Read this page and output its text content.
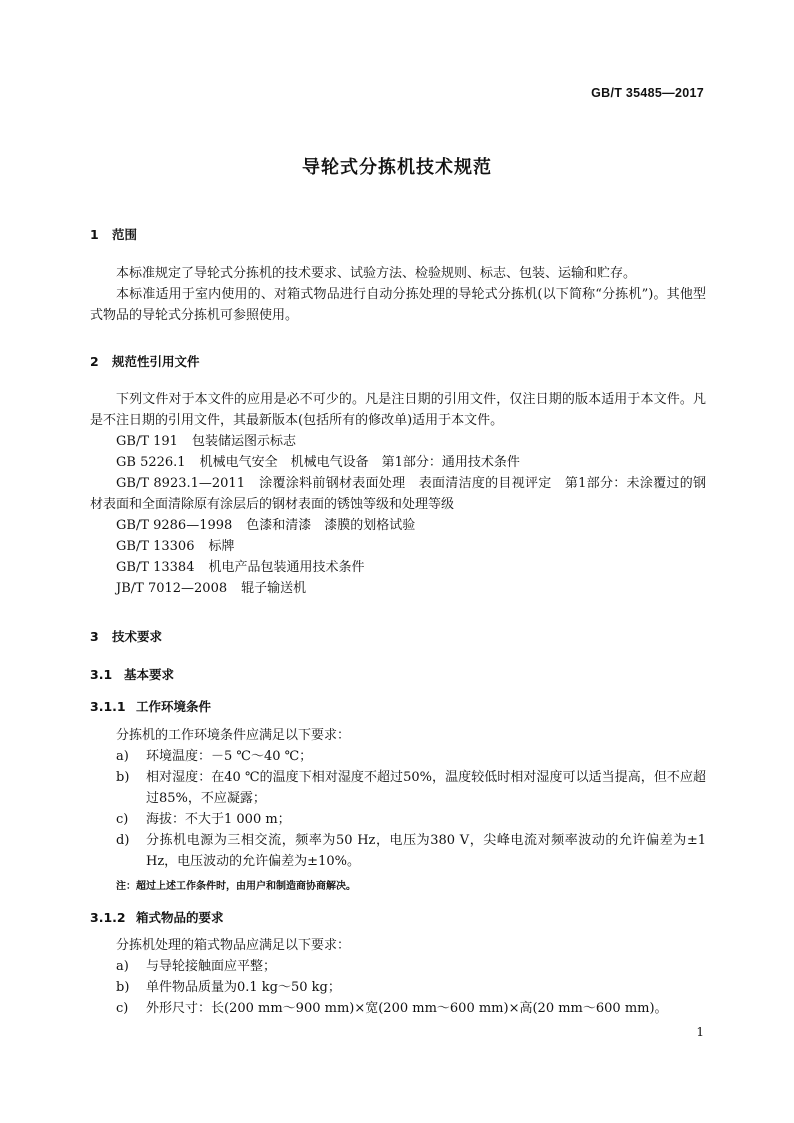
GB/T 35485—2017
导轮式分拣机技术规范
1 范围

本标准规定了导轮式分拣机的技术要求、试验方法、检验规则、标志、包装、运输和贮存。

本标准适用于室内使用的、对箱式物品进行自动分拣处理的导轮式分拣机(以下简称“分拣机”)。其他型式物品的导轮式分拣机可参照使用。

2 规范性引用文件

下列文件对于本文件的应用是必不可少的。凡是注日期的引用文件，仅注日期的版本适用于本文件。凡是不注日期的引用文件，其最新版本(包括所有的修改单)适用于本文件。

GB/T 191 包装储运图示标志

GB 5226.1 机械电气安全　机械电气设备　第1部分：通用技术条件

GB/T 8923.1—2011 涂覆涂料前钢材表面处理　表面清洁度的目视评定　第1部分：未涂覆过的钢材表面和全面清除原有涂层后的钢材表面的锈蚀等级和处理等级

GB/T 9286—1998 色漆和清漆　漆膜的划格试验

GB/T 13306 标牌

GB/T 13384 机电产品包装通用技术条件

JB/T 7012—2008 辊子输送机

3 技术要求
3.1 基本要求
3.1.1 工作环境条件

分拣机的工作环境条件应满足以下要求：

a) 环境温度：－5 ℃～40 ℃；

b) 相对湿度：在40 ℃的温度下相对湿度不超过50%，温度较低时相对湿度可以适当提高，但不应超过85%，不应凝露；

c) 海拔：不大于1 000 m；

d) 分拣机电源为三相交流，频率为50 Hz，电压为380 V，尖峰电流对频率波动的允许偏差为±1 Hz，电压波动的允许偏差为±10%。

注：超过上述工作条件时，由用户和制造商协商解决。
3.1.2 箱式物品的要求

分拣机处理的箱式物品应满足以下要求：

a) 与导轮接触面应平整；

b) 单件物品质量为0.1 kg～50 kg；

c) 外形尺寸：长(200 mm～900 mm)×宽(200 mm～600 mm)×高(20 mm～600 mm)。

1
